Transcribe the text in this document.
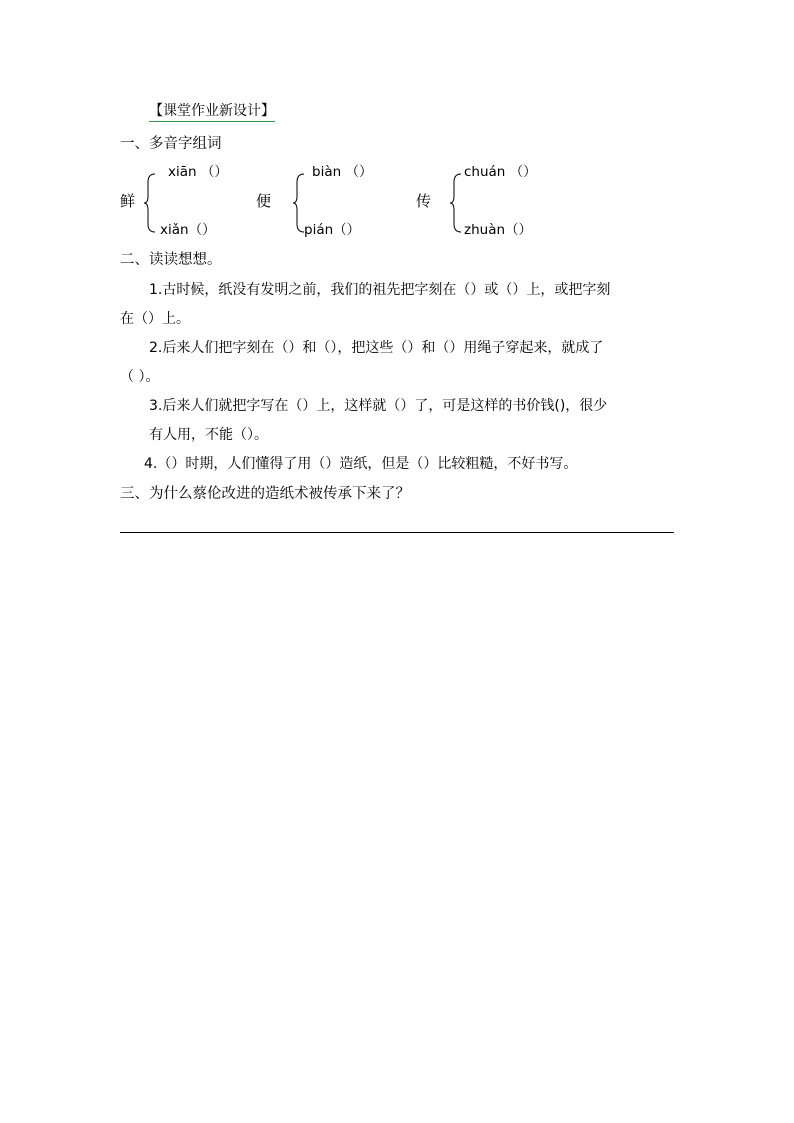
【课堂作业新设计】
一、多音字组词
鲜
xiān （）
xiǎn（）
便
biàn （）
pián（）
传
chuán （）
zhuàn（）
二、读读想想。
1.古时候，纸没有发明之前，我们的祖先把字刻在（）或（）上，或把字刻
在（）上。
2.后来人们把字刻在（）和（），把这些（）和（）用绳子穿起来，就成了
（ ）。
3.后来人们就把字写在（）上，这样就（）了，可是这样的书价钱()，很少
有人用，不能（）。
4.（）时期，人们懂得了用（）造纸，但是（）比较粗糙，不好书写。
三、为什么蔡伦改进的造纸术被传承下来了？
